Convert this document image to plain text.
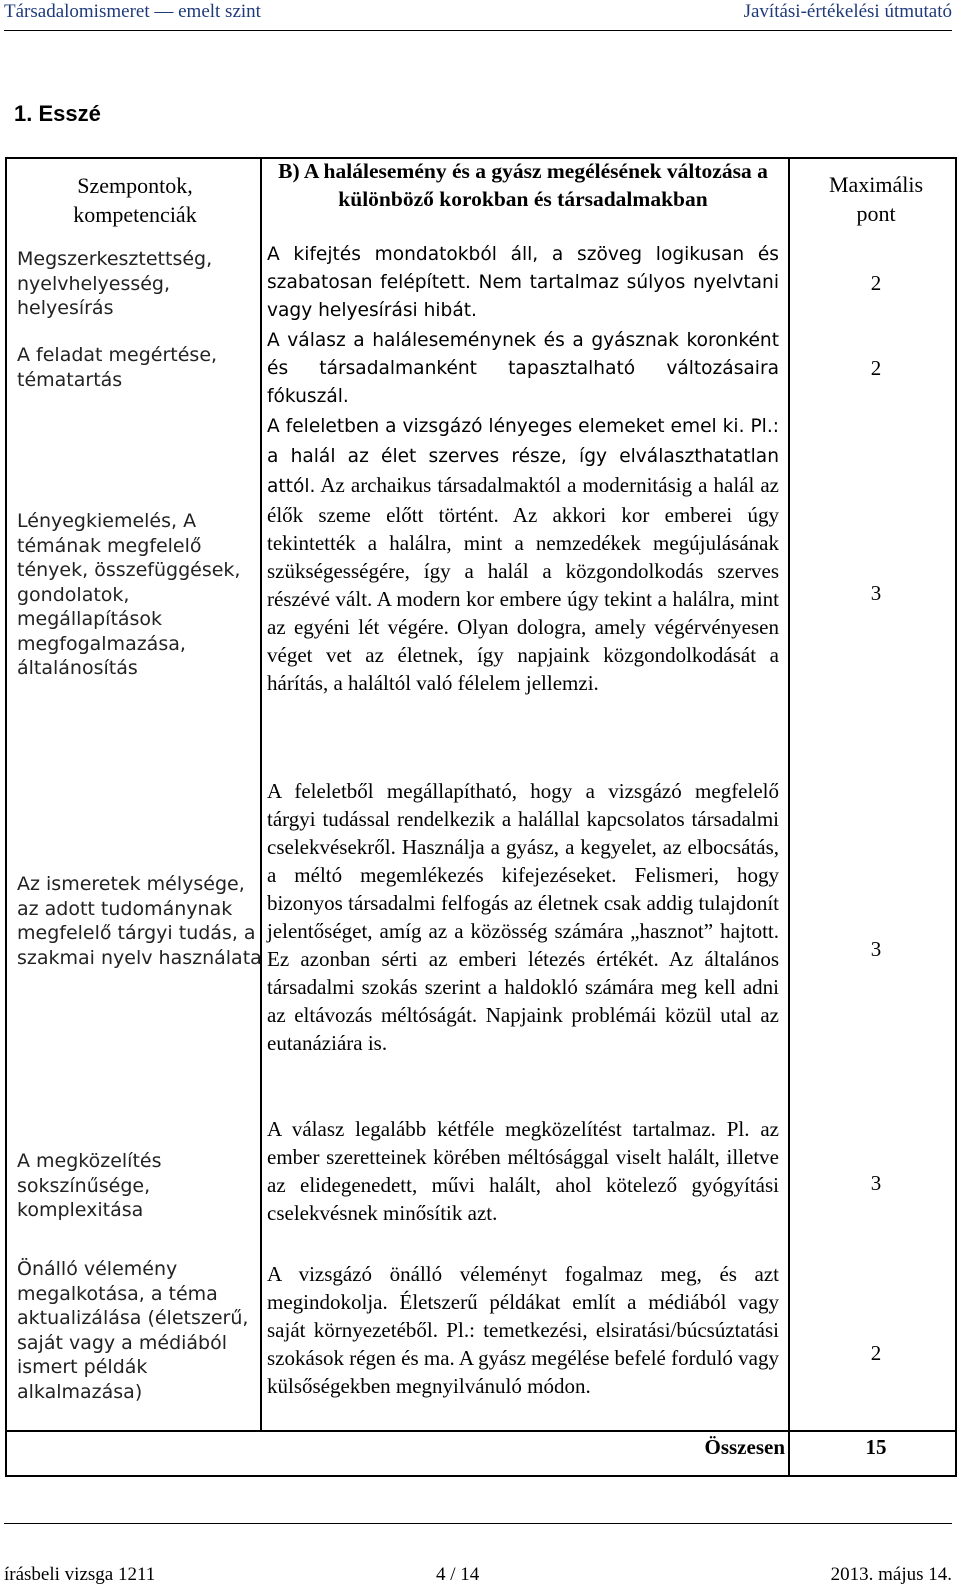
Társadalomismeret — emelt szint	Javítási-értékelési útmutató
1. Esszé
Szempontok, kompetenciák
B) A halálesemény és a gyász megélésének változása a különböző korokban és társadalmakban
Maximális pont
Megszerkesztettség, nyelvhelyesség, helyesírás
A kifejtés mondatokból áll, a szöveg logikusan és szabatosan felépített. Nem tartalmaz súlyos nyelvtani vagy helyesírási hibát.
2
A feladat megértése, tématartás
A válasz a haláleseménynek és a gyásznak koronként és társadalmanként tapasztalható változásaira fókuszál.
2
Lényegkiemelés, A témának megfelelő tények, összefüggések, gondolatok, megállapítások megfogalmazása, általánosítás
A feleletben a vizsgázó lényeges elemeket emel ki. Pl.: a halál az élet szerves része, így elválaszthatatlan attól. Az archaikus társadalmaktól a modernitásig a halál az élők szeme előtt történt. Az akkori kor emberei úgy tekintették a halálra, mint a nemzedékek megújulásának szükségességére, így a halál a közgondolkodás szerves részévé vált. A modern kor embere úgy tekint a halálra, mint az egyéni lét végére. Olyan dologra, amely végérvényesen véget vet az életnek, így napjaink közgondolkodását a hárítás, a haláltól való félelem jellemzi.
3
Az ismeretek mélysége, az adott tudománynak megfelelő tárgyi tudás, a szakmai nyelv használata
A feleletből megállapítható, hogy a vizsgázó megfelelő tárgyi tudással rendelkezik a halállal kapcsolatos társadalmi cselekvésekről. Használja a gyász, a kegyelet, az elbocsátás, a méltó megemlékezés kifejezéseket. Felismeri, hogy bizonyos társadalmi felfogás az életnek csak addig tulajdonít jelentőséget, amíg az a közösség számára „hasznot” hajtott. Ez azonban sérti az emberi létezés értékét. Az általános társadalmi szokás szerint a haldokló számára meg kell adni az eltávozás méltóságát. Napjaink problémái közül utal az eutanáziára is.
3
A megközelítés sokszínűsége, komplexitása
A válasz legalább kétféle megközelítést tartalmaz. Pl. az ember szeretteinek körében méltósággal viselt halált, illetve az elidegenedett, művi halált, ahol kötelező gyógyítási cselekvésnek minősítik azt.
3
Önálló vélemény megalkotása, a téma aktualizálása (életszerű, saját vagy a médiából ismert példák alkalmazása)
A vizsgázó önálló véleményt fogalmaz meg, és azt megindokolja. Életszerű példákat említ a médiából vagy saját környezetéből. Pl.: temetkezési, elsiratási/búcsúztatási szokások régen és ma. A gyász megélése befelé forduló vagy külsőségekben megnyilvánuló módon.
2
Összesen	15
írásbeli vizsga 1211	4 / 14	2013. május 14.
